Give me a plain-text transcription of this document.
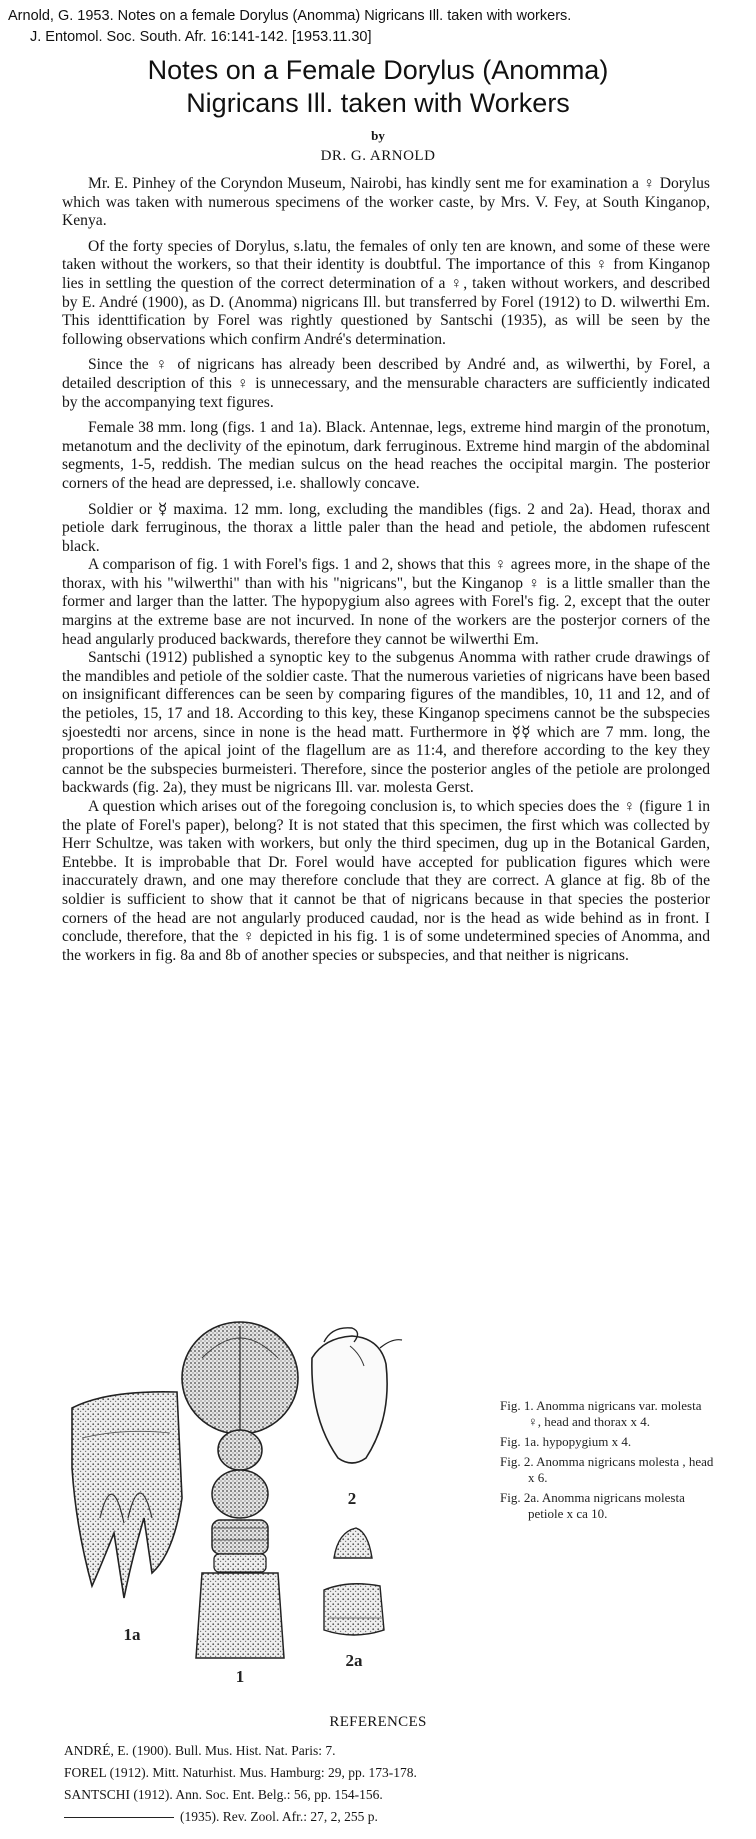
Arnold, G. 1953. Notes on a female Dorylus (Anomma) Nigricans Ill. taken with workers.
J. Entomol. Soc. South. Afr. 16:141-142. [1953.11.30]
Notes on a Female Dorylus (Anomma)
Nigricans Ill. taken with Workers
by
DR. G. ARNOLD

Mr. E. Pinhey of the Coryndon Museum, Nairobi, has kindly sent me for examination a ♀ Dorylus which was taken with numerous specimens of the worker caste, by Mrs. V. Fey, at South Kinganop, Kenya.

Of the forty species of Dorylus, s.latu, the females of only ten are known, and some of these were taken without the workers, so that their identity is doubtful. The importance of this ♀ from Kinganop lies in settling the question of the correct determination of a ♀, taken without workers, and described by E. André (1900), as D. (Anomma) nigricans Ill. but transferred by Forel (1912) to D. wilwerthi Em. This identtification by Forel was rightly questioned by Santschi (1935), as will be seen by the following observations which confirm André's determination.

Since the ♀ of nigricans has already been described by André and, as wilwerthi, by Forel, a detailed description of this ♀ is unnecessary, and the mensurable characters are sufficiently indicated by the accompanying text figures.

Female 38 mm. long (figs. 1 and 1a). Black. Antennae, legs, extreme hind margin of the pronotum, metanotum and the declivity of the epinotum, dark ferruginous. Extreme hind margin of the abdominal segments, 1-5, reddish. The median sulcus on the head reaches the occipital margin. The posterior corners of the head are depressed, i.e. shallowly concave.

Soldier or ☿ maxima. 12 mm. long, excluding the mandibles (figs. 2 and 2a). Head, thorax and petiole dark ferruginous, the thorax a little paler than the head and petiole, the abdomen rufescent black.

A comparison of fig. 1 with Forel's figs. 1 and 2, shows that this ♀ agrees more, in the shape of the thorax, with his "wilwerthi" than with his "nigricans", but the Kinganop ♀ is a little smaller than the former and larger than the latter. The hypopygium also agrees with Forel's fig. 2, except that the outer margins at the extreme base are not incurved. In none of the workers are the posterjor corners of the head angularly produced backwards, therefore they cannot be wilwerthi Em.

Santschi (1912) published a synoptic key to the subgenus Anomma with rather crude drawings of the mandibles and petiole of the soldier caste. That the numerous varieties of nigricans have been based on insignificant differences can be seen by comparing figures of the mandibles, 10, 11 and 12, and of the petioles, 15, 17 and 18. According to this key, these Kinganop specimens cannot be the subspecies sjoestedti nor arcens, since in none is the head matt. Furthermore in ☿☿ which are 7 mm. long, the proportions of the apical joint of the flagellum are as 11:4, and therefore according to the key they cannot be the subspecies burmeisteri. Therefore, since the posterior angles of the petiole are prolonged backwards (fig. 2a), they must be nigricans Ill. var. molesta Gerst.

A question which arises out of the foregoing conclusion is, to which species does the ♀ (figure 1 in the plate of Forel's paper), belong? It is not stated that this specimen, the first which was collected by Herr Schultze, was taken with workers, but only the third specimen, dug up in the Botanical Garden, Entebbe. It is improbable that Dr. Forel would have accepted for publication figures which were inaccurately drawn, and one may therefore conclude that they are correct. A glance at fig. 8b of the soldier is sufficient to show that it cannot be that of nigricans because in that species the posterior corners of the head are not angularly produced caudad, nor is the head as wide behind as in front. I conclude, therefore, that the ♀ depicted in his fig. 1 is of some undetermined species of Anomma, and the workers in fig. 8a and 8b of another species or subspecies, and that neither is nigricans.

1a
1
2
2a
Fig. 1. Anomma nigricans var. molesta ♀, head and thorax x 4.
Fig. 1a. hypopygium x 4.
Fig. 2. Anomma nigricans molesta , head x 6.
Fig. 2a. Anomma nigricans molesta petiole x ca 10.
REFERENCES
ANDRÉ, E. (1900). Bull. Mus. Hist. Nat. Paris: 7.
FOREL (1912). Mitt. Naturhist. Mus. Hamburg: 29, pp. 173-178.
SANTSCHI (1912). Ann. Soc. Ent. Belg.: 56, pp. 154-156.
(1935). Rev. Zool. Afr.: 27, 2, 255 p.
